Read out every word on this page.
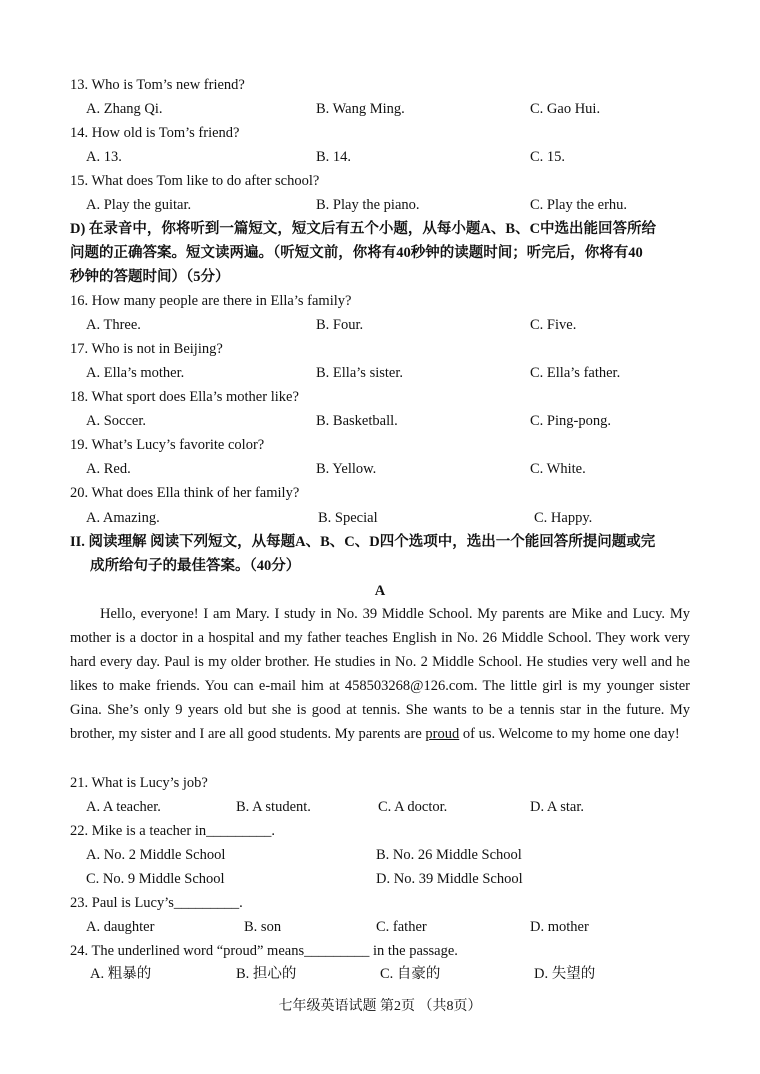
13. Who is Tom’s new friend?
A. Zhang Qi.	B. Wang Ming.	C. Gao Hui.
14. How old is Tom’s friend?
A. 13.	B. 14.	C. 15.
15. What does Tom like to do after school?
A. Play the guitar.	B. Play the piano.	C. Play the erhu.
D) 在录音中，你将听到一篇短文，短文后有五个小题，从每小题A、B、C中选出能回答所给
问题的正确答案。短文读两遍。（听短文前，你将有40秒钟的读题时间；听完后，你将有40
秒钟的答题时间）（5分）
16. How many people are there in Ella’s family?
A. Three.	B. Four.	C. Five.
17. Who is not in Beijing?
A. Ella’s mother.	B. Ella’s sister.	C. Ella’s father.
18. What sport does Ella’s mother like?
A. Soccer.	B. Basketball.	C. Ping-pong.
19. What’s Lucy’s favorite color?
A. Red.	B. Yellow.	C. White.
20. What does Ella think of her family?
A. Amazing.	B. Special	C. Happy.
II. 阅读理解 阅读下列短文，从每题A、B、C、D四个选项中，选出一个能回答所提问题或完
成所给句子的最佳答案。（40分）
A
Hello, everyone! I am Mary. I study in No. 39 Middle School. My parents are Mike and Lucy. My mother is a doctor in a hospital and my father teaches English in No. 26 Middle School. They work very hard every day. Paul is my older brother. He studies in No. 2 Middle School. He studies very well and he likes to make friends. You can e-mail him at 458503268@126.com. The little girl is my younger sister Gina. She’s only 9 years old but she is good at tennis. She wants to be a tennis star in the future. My brother, my sister and I are all good students. My parents are proud of us. Welcome to my home one day!
21. What is Lucy’s job?
A. A teacher.	B. A student.	C. A doctor.	D. A star.
22. Mike is a teacher in_________.
A. No. 2 Middle School	B. No. 26 Middle School
C. No. 9 Middle School	D. No. 39 Middle School
23. Paul is Lucy’s_________.
A. daughter	B. son	C. father	D. mother
24. The underlined word “proud” means_________ in the passage.
A. 粗暴的	B. 担心的	C. 自豪的	D. 失望的
七年级英语试题 第2页 （共8页）
